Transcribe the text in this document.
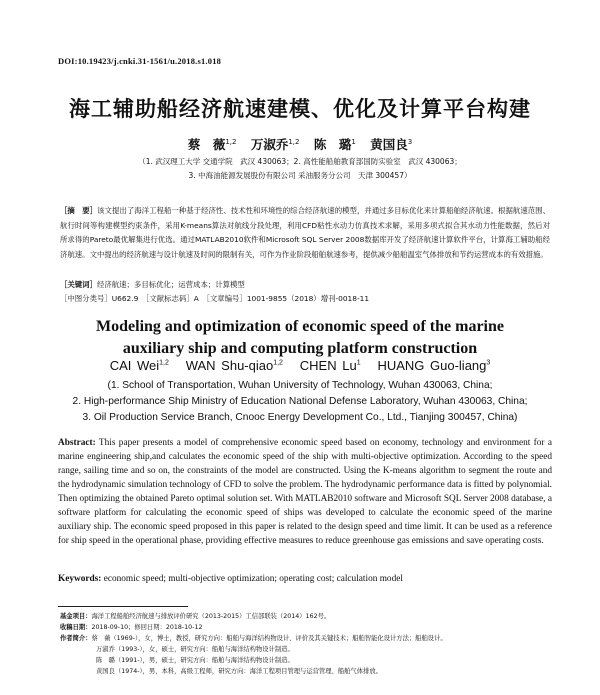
DOI:10.19423/j.cnki.31-1561/u.2018.s1.018
海工辅助船经济航速建模、优化及计算平台构建
蔡　薇$^{1,2}$ 万淑乔$^{1,2}$ 陈　璐$^1$ 黄国良$^3$
（1. 武汉理工大学 交通学院　武汉 430063；2. 高性能船舶教育部国防实验室　武汉 430063；
3. 中海油能源发展股份有限公司 采油服务分公司　天津 300457）
［摘　要］该文提出了海洋工程船一种基于经济性、技术性和环境性的综合经济航速的模型，并通过多目标优化来计算船舶经济航速。根据航速范围、航行时间等构建模型约束条件，采用K-means算法对航线分段处理，利用CFD粘性水动力仿真技术求解，采用多项式拟合其水动力性能数据，然后对所求得的Pareto最优解集进行优选。通过MATLAB2010软件和Microsoft SQL Server 2008数据库开发了经济航速计算软件平台，计算海工辅助船经济航速。文中提出的经济航速与设计航速及时间的限制有关，可作为作业阶段船舶航速参考，提供减少船舶温室气体排放和节约运营成本的有效措施。
［关键词］经济航速；多目标优化；运营成本；计算模型
［中图分类号］U662.9　［文献标志码］A　［文章编号］1001-9855（2018）增刊-0018-11
Modeling and optimization of economic speed of the marine
auxiliary ship and computing platform construction
CAI Wei$^{1,2}$ WAN Shu-qiao$^{1,2}$ CHEN Lu$^1$ HUANG Guo-liang$^3$
(1. School of Transportation, Wuhan University of Technology, Wuhan 430063, China;
2. High-performance Ship Ministry of Education National Defense Laboratory, Wuhan 430063, China;
3. Oil Production Service Branch, Cnooc Energy Development Co., Ltd., Tianjing 300457, China)
Abstract: This paper presents a model of comprehensive economic speed based on economy, technology and environment for a marine engineering ship,and calculates the economic speed of the ship with multi-objective optimization. According to the speed range, sailing time and so on, the constraints of the model are constructed. Using the K-means algorithm to segment the route and the hydrodynamic simulation technology of CFD to solve the problem. The hydrodynamic performance data is fitted by polynomial. Then optimizing the obtained Pareto optimal solution set. With MATLAB2010 software and Microsoft SQL Server 2008 database, a software platform for calculating the economic speed of ships was developed to calculate the economic speed of the marine auxiliary ship. The economic speed proposed in this paper is related to the design speed and time limit. It can be used as a reference for ship speed in the operational phase, providing effective measures to reduce greenhouse gas emissions and save operating costs.
Keywords: economic speed; multi-objective optimization; operating cost; calculation model
基金项目：海洋工程船舶经济航速与排放评价研究（2013-2015）工信部联装（2014）162号。
收稿日期：2018-09-10；修回日期：2018-10-12
作者简介：蔡　薇（1969-），女，博士，教授，研究方向：船舶与海洋结构物设计、评价及其关键技术；船舶智能化设计方法；船舶设计。
万淑乔（1993-），女，硕士，研究方向：船舶与海洋结构物设计制造。
陈　璐（1991-），男，硕士，研究方向：船舶与海洋结构物设计制造。
黄国良（1974-），男，本科，高级工程师，研究方向：海洋工程项目管理与运营管理、船舶气体排放。
